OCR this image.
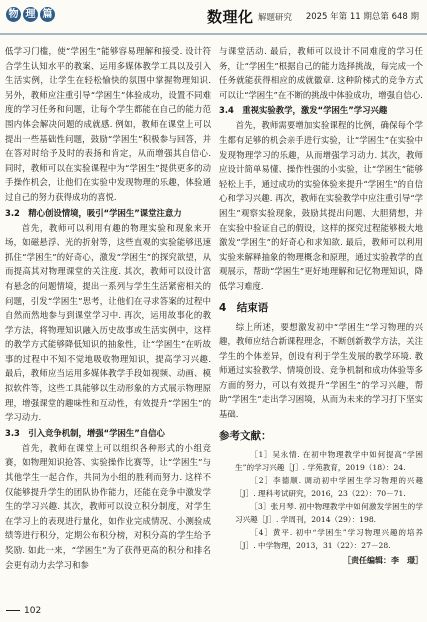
物 理 篇	数理化 解题研究 2025 年第 11 期总第 648 期

低学习门槛，使“学困生”能够容易理解和接受. 设计符合学生认知水平的教案、运用多媒体教学工具以及引入生活实例，让学生在轻松愉快的氛围中掌握物理知识. 另外，教师应注重引导“学困生”体验成功，设置不同难度的学习任务和问题，让每个学生都能在自己的能力范围内体会解决问题的成就感. 例如，教师在课堂上可以提出一些基础性问题，鼓励“学困生”积极参与回答，并在答对时给予及时的表扬和肯定，从而增强其自信心. 同时，教师可以在实验课程中为“学困生”提供更多的动手操作机会，让他们在实验中发现物理的乐趣，体验通过自己的努力获得成功的喜悦.

3.2　精心创设情境，吸引“学困生”课堂注意力

首先，教师可以利用有趣的物理实验和现象来开场，如磁悬浮、光的折射等，这些直观的实验能够迅速抓住“学困生”的好奇心，激发“学困生”的探究欲望，从而提高其对物理课堂的关注度. 其次，教师可以设计富有悬念的问题情境，提出一系列与学生生活紧密相关的问题，引发“学困生”思考，让他们在寻求答案的过程中自然而然地参与到课堂学习中. 再次，运用故事化的教学方法，将物理知识融入历史故事或生活实例中，这样的教学方式能够降低知识的抽象性，让“学困生”在听故事的过程中不知不觉地吸收物理知识，提高学习兴趣. 最后，教师应当运用多媒体教学手段如视频、动画、模拟软件等，这些工具能够以生动形象的方式展示物理原理，增强课堂的趣味性和互动性，有效提升“学困生”的学习动力.

3.3　引入竞争机制，增强“学困生”自信心

首先，教师在课堂上可以组织各种形式的小组竞赛，如物理知识抢答、实验操作比赛等，让“学困生”与其他学生一起合作，共同为小组的胜利而努力. 这样不仅能够提升学生的团队协作能力，还能在竞争中激发学生的学习兴趣. 其次，教师可以设立积分制度，对学生在学习上的表现进行量化，如作业完成情况、小测验成绩等进行积分，定期公布积分榜，对积分高的学生给予奖励. 如此一来，“学困生”为了获得更高的积分和排名会更有动力去学习和参

与课堂活动. 最后，教师可以设计不同难度的学习任务，让“学困生”根据自己的能力选择挑战，每完成一个任务就能获得相应的成就徽章. 这种阶梯式的竞争方式可以让“学困生”在不断的挑战中体验成功，增强自信心.

3.4　重视实验教学，激发“学困生”学习兴趣

首先，教师需要增加实验课程的比例，确保每个学生都有足够的机会亲手进行实验，让“学困生”在实验中发现物理学习的乐趣，从而增强学习动力. 其次，教师应设计简单易懂、操作性强的小实验，让“学困生”能够轻松上手，通过成功的实验体验来提升“学困生”的自信心和学习兴趣. 再次，教师在实验教学中应注重引导“学困生”观察实验现象，鼓励其提出问题、大胆猜想，并在实验中验证自己的假设，这样的探究过程能够极大地激发“学困生”的好奇心和求知欲. 最后，教师可以利用实验来解释抽象的物理概念和原理，通过实验教学的直观展示，帮助“学困生”更好地理解和记忆物理知识，降低学习难度.

4　结束语

综上所述，要想激发初中“学困生”学习物理的兴趣，教师应结合新课程理念，不断创新教学方法，关注学生的个体差异，创设有利于学生发展的教学环境. 教师通过实验教学、情境创设、竞争机制和成功体验等多方面的努力，可以有效提升“学困生”的学习兴趣，帮助“学困生”走出学习困境，从而为未来的学习打下坚实基础.

参考文献：

［1］吴永情. 在初中物理教学中如何提高“学困生”的学习兴趣［J］. 学苑教育，2019（18）：24.

［2］李德顺. 调动初中学困生学习物理的兴趣［J］. 理科考试研究，2016，23（22）：70－71.

［3］张月琴. 初中物理教学中如何激发学困生的学习兴趣［J］. 学周刊，2014（29）：198.

［4］黄平. 初中“学困生”学习物理兴趣的培养［J］. 中学物理，2013，31（22）：27－28.

［责任编辑：李　璟］
102
